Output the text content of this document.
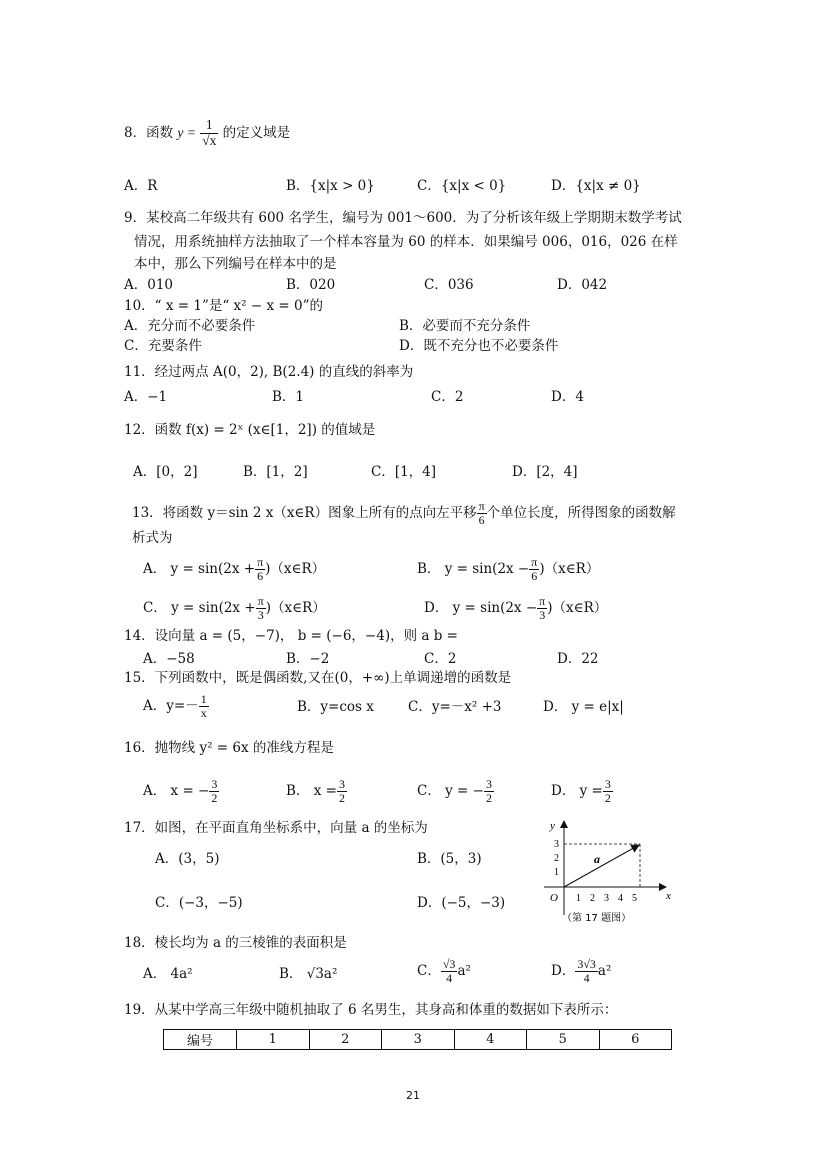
8．函数 $y = \frac{1}{√x}$ 的定义域是
A．R	B．{x|x > 0}	C．{x|x < 0}	D．{x|x ≠ 0}
9．某校高二年级共有 600 名学生，编号为 001～600．为了分析该年级上学期期末数学考试
情况，用系统抽样方法抽取了一个样本容量为 60 的样本．如果编号 006，016，026 在样
本中，那么下列编号在样本中的是
A．010	B．020	C．036	D．042
10．“ x = 1”是“ x² − x = 0”的
A．充分而不必要条件	B．必要而不充分条件
C．充要条件	D．既不充分也不必要条件
11．经过两点 A(0，2), B(2.4) 的直线的斜率为
A．−1	B．1	C．2	D．4
12．函数 f(x) = 2ˣ (x∈[1，2]) 的值域是
A．[0，2]	B．[1，2]	C．[1，4]	D．[2，4]
13．将函数 y＝sin 2 x（x∈R）图象上所有的点向左平移 $\frac{\pi}{6}$ 个单位长度，所得图象的函数解
析式为
A． $y = \sin(2x + \frac{\pi}{6}$ )（x∈R）	B． $y = \sin(2x - \frac{\pi}{6}$ )（x∈R）
C． $y = \sin(2x + \frac{\pi}{3}$ )（x∈R）	D． $y = \sin(2x - \frac{\pi}{3}$ )（x∈R）
14．设向量 a = (5，−7)， b = (−6，−4)，则 a b =
A．−58	B．−2	C．2	D．22
15．下列函数中，既是偶函数,又在(0，+∞)上单调递增的函数是
A．$y=- \frac{1}{x}$	B．y=cos x	C．y=－x² +3	D． y = e|x|
16．抛物线 y² = 6x 的准线方程是
A． x = − $\frac{3}{2}$	B． $x = \frac{3}{2}$	C． y = − $\frac{3}{2}$	D． $y = \frac{3}{2}$
17．如图，在平面直角坐标系中，向量 a 的坐标为
A．(3，5)	B．(5，3)
C．(−3，−5)	D．(−5，−3)
y
x
O 1 2 3 4 5
1
2
3
a
（第 17 题图）
18．棱长均为 a 的三棱锥的表面积是
A． 4a²	B． √3a²	C． $\frac{√3}{4} a^2$	D． $\frac{3√3}{4} a^2$
19．从某中学高三年级中随机抽取了 6 名男生，其身高和体重的数据如下表所示：
编号	1	2	3	4	5	6
21
